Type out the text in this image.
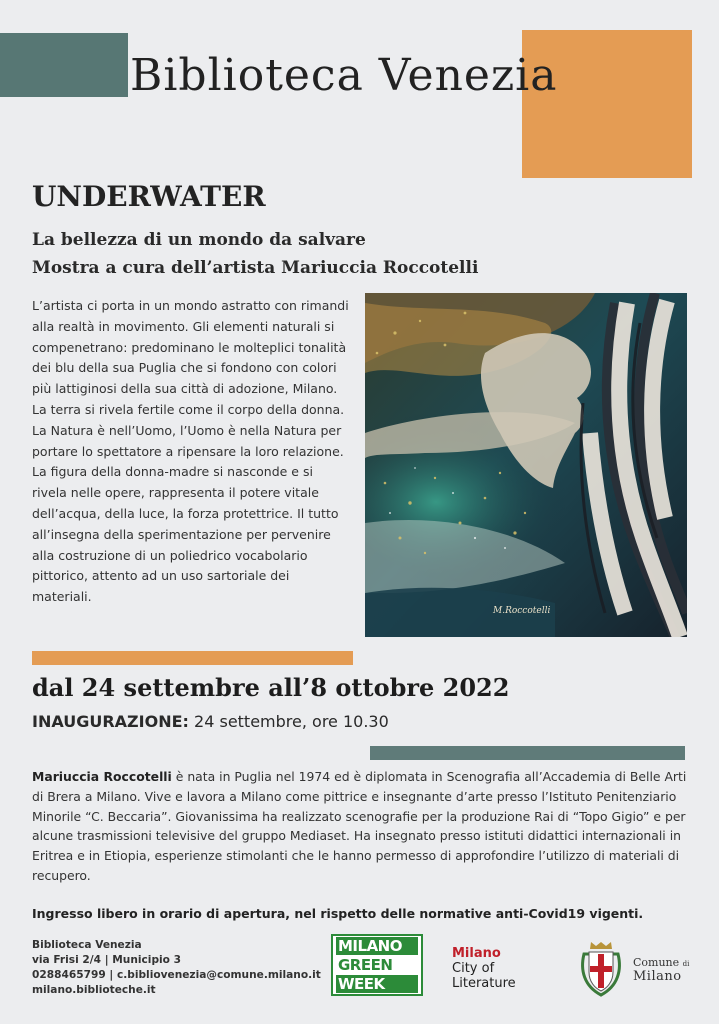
Biblioteca Venezia
UNDERWATER
La bellezza di un mondo da salvare
Mostra a cura dell’artista Mariuccia Roccotelli

L’artista ci porta in un mondo astratto con rimandi alla realtà in movimento. Gli elementi naturali si compenetrano: predominano le molteplici tonalità dei blu della sua Puglia che si fondono con colori più lattiginosi della sua città di adozione, Milano.

La terra si rivela fertile come il corpo della donna. La Natura è nell’Uomo, l’Uomo è nella Natura per portare lo spettatore a ripensare la loro relazione. La figura della donna-madre si nasconde e si rivela nelle opere, rappresenta il potere vitale dell’acqua, della luce, la forza protettrice. Il tutto all’insegna della sperimentazione per pervenire alla costruzione di un poliedrico vocabolario pittorico, attento ad un uso sartoriale dei materiali.

M.Roccotelli
dal 24 settembre all’8 ottobre 2022
INAUGURAZIONE: 24 settembre, ore 10.30

Mariuccia Roccotelli è nata in Puglia nel 1974 ed è diplomata in Scenografia all’Accademia di Belle Arti di Brera a Milano. Vive e lavora a Milano come pittrice e insegnante d’arte presso l’Istituto Penitenziario Minorile “C. Beccaria”. Giovanissima ha realizzato scenografie per la produzione Rai di “Topo Gigio” e per alcune trasmissioni televisive del gruppo Mediaset. Ha insegnato presso istituti didattici internazionali in Eritrea e in Etiopia, esperienze stimolanti che le hanno permesso di approfondire l’utilizzo di materiali di recupero.

Ingresso libero in orario di apertura, nel rispetto delle normative anti-Covid19 vigenti.
Biblioteca Venezia
via Frisi 2/4 | Municipio 3
0288465799 | c.bibliovenezia@comune.milano.it
milano.biblioteche.it
MILANO
GREEN
WEEK
Milano
City of
Literature
Comune di
Milano
